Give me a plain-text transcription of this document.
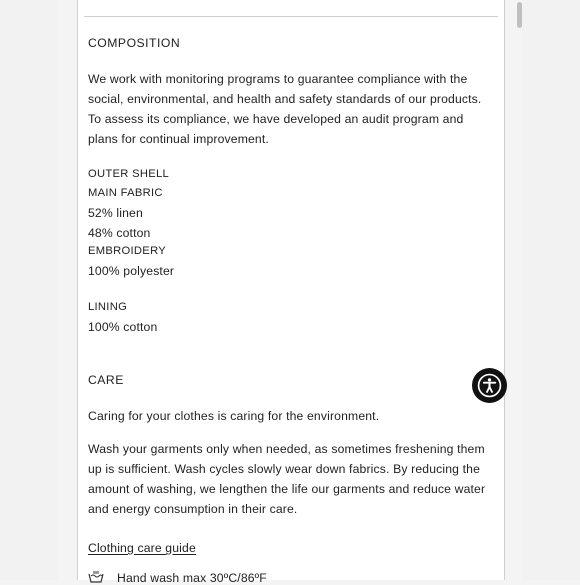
COMPOSITION
We work with monitoring programs to guarantee compliance with the
social, environmental, and health and safety standards of our products.
To assess its compliance, we have developed an audit program and
plans for continual improvement.
OUTER SHELL
MAIN FABRIC
52% linen
48% cotton
EMBROIDERY
100% polyester
LINING
100% cotton
CARE
Caring for your clothes is caring for the environment.
Wash your garments only when needed, as sometimes freshening them
up is sufficient. Wash cycles slowly wear down fabrics. By reducing the
amount of washing, we lengthen the life our garments and reduce water
and energy consumption in their care.
Clothing care guide
Hand wash max 30ºC/86ºF
